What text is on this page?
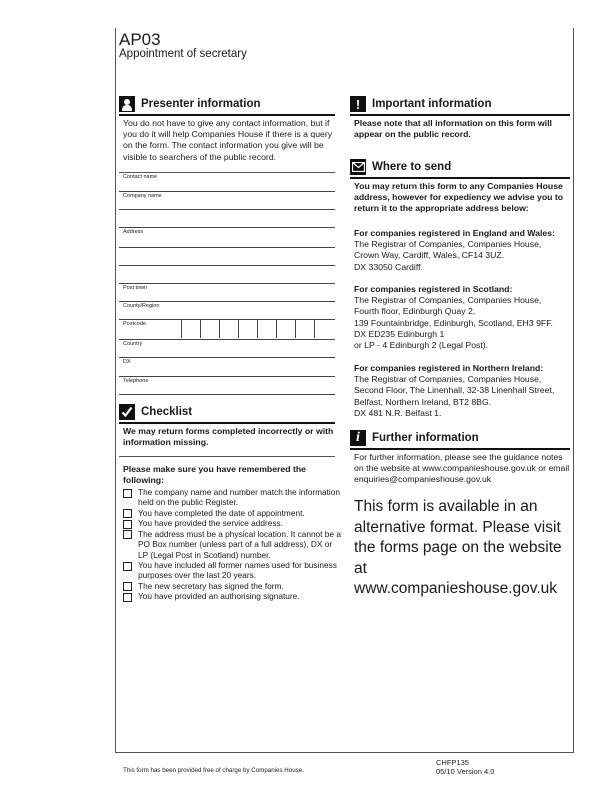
AP03
Appointment of secretary
Presenter information
You do not have to give any contact information, but if you do it will help Companies House if there is a query on the form. The contact information you give will be visible to searchers of the public record.
Contact name
Company name
Address
Post town
County/Region
Postcode
Country
DX
Telephone
Checklist
We may return forms completed incorrectly or with information missing.
Please make sure you have remembered the following:
The company name and number match the information held on the public Register.
You have completed the date of appointment.
You have provided the service address.
The address must be a physical location. It cannot be a PO Box number (unless part of a full address), DX or LP (Legal Post in Scotland) number.
You have included all former names used for business purposes over the last 20 years.
The new secretary has signed the form.
You have provided an authorising signature.
!	Important information
Please note that all information on this form will appear on the public record.
Where to send
You may return this form to any Companies House address, however for expediency we advise you to return it to the appropriate address below:
For companies registered in England and Wales:
The Registrar of Companies, Companies House,
Crown Way, Cardiff, Wales, CF14 3UZ.
DX 33050 Cardiff.
For companies registered in Scotland:
The Registrar of Companies, Companies House,
Fourth floor, Edinburgh Quay 2,
139 Fountainbridge, Edinburgh, Scotland, EH3 9FF.
DX ED235 Edinburgh 1
or LP - 4 Edinburgh 2 (Legal Post).
For companies registered in Northern Ireland:
The Registrar of Companies, Companies House,
Second Floor, The Linenhall, 32-38 Linenhall Street,
Belfast, Northern Ireland, BT2 8BG.
DX 481 N.R. Belfast 1.
i	Further information
For further information, please see the guidance notes on the website at www.companieshouse.gov.uk or email enquiries@companieshouse.gov.uk
This form is available in an alternative format. Please visit the forms page on the website at www.companieshouse.gov.uk
This form has been provided free of charge by Companies House.
CHFP135
05/10 Version 4.0
